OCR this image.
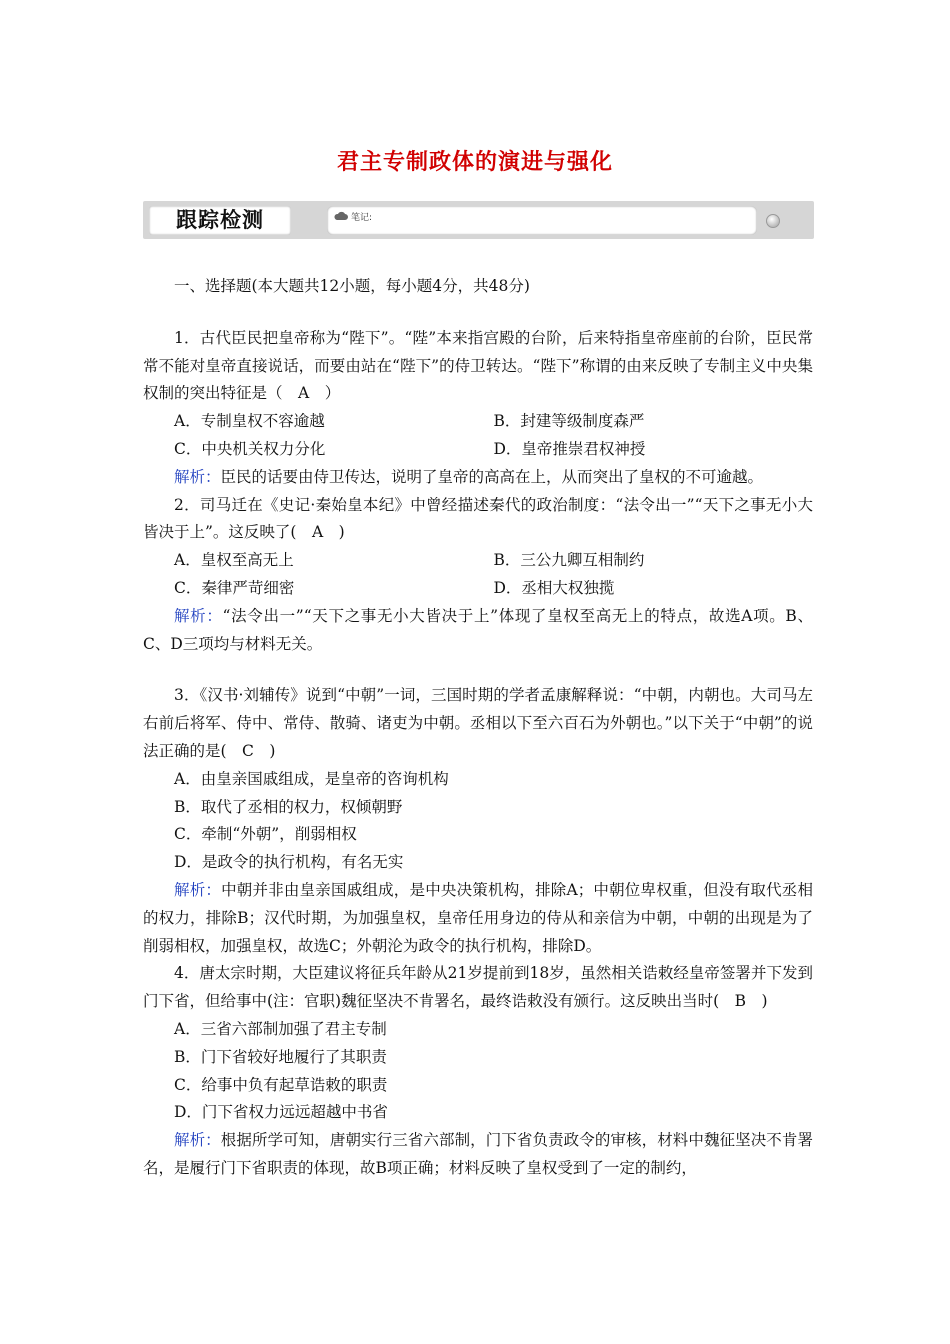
君主专制政体的演进与强化
跟踪检测	笔记:

一、选择题(本大题共12小题，每小题4分，共48分)

1．古代臣民把皇帝称为“陛下”。“陛”本来指宫殿的台阶，后来特指皇帝座前的台阶，臣民常常不能对皇帝直接说话，而要由站在“陛下”的侍卫转达。“陛下”称谓的由来反映了专制主义中央集权制的突出特征是（　A　）

A．专制皇权不容逾越	B．封建等级制度森严
C．中央机关权力分化	D．皇帝推崇君权神授

解析：臣民的话要由侍卫传达，说明了皇帝的高高在上，从而突出了皇权的不可逾越。

2．司马迁在《史记·秦始皇本纪》中曾经描述秦代的政治制度：“法令出一”“天下之事无小大皆决于上”。这反映了(　A　)

A．皇权至高无上	B．三公九卿互相制约
C．秦律严苛细密	D．丞相大权独揽

解析：“法令出一”“天下之事无小大皆决于上”体现了皇权至高无上的特点，故选A项。B、C、D三项均与材料无关。

3．《汉书·刘辅传》说到“中朝”一词，三国时期的学者孟康解释说：“中朝，内朝也。大司马左右前后将军、侍中、常侍、散骑、诸吏为中朝。丞相以下至六百石为外朝也。”以下关于“中朝”的说法正确的是(　C　)

A．由皇亲国戚组成，是皇帝的咨询机构
B．取代了丞相的权力，权倾朝野
C．牵制“外朝”，削弱相权
D．是政令的执行机构，有名无实

解析：中朝并非由皇亲国戚组成，是中央决策机构，排除A；中朝位卑权重，但没有取代丞相的权力，排除B；汉代时期，为加强皇权，皇帝任用身边的侍从和亲信为中朝，中朝的出现是为了削弱相权，加强皇权，故选C；外朝沦为政令的执行机构，排除D。

4．唐太宗时期，大臣建议将征兵年龄从21岁提前到18岁，虽然相关诰敕经皇帝签署并下发到门下省，但给事中(注：官职)魏征坚决不肯署名，最终诰敕没有颁行。这反映出当时(　B　)

A．三省六部制加强了君主专制
B．门下省较好地履行了其职责
C．给事中负有起草诰敕的职责
D．门下省权力远远超越中书省

解析：根据所学可知，唐朝实行三省六部制，门下省负责政令的审核，材料中魏征坚决不肯署名，是履行门下省职责的体现，故B项正确；材料反映了皇权受到了一定的制约，
